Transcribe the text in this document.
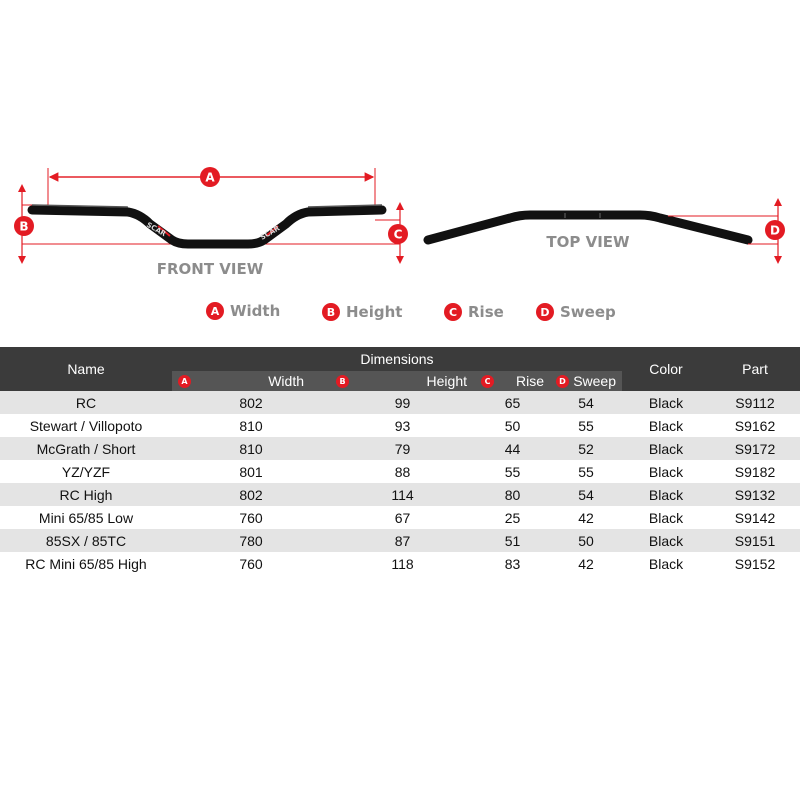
SCAR	SCAR
A
B
C	D
FRONT VIEW
TOP VIEW
A Width	B Height	C Rise	D Sweep
Name	Dimensions				Color	Part

A Width	B Height	C Rise	D Sweep		

RC	802	99	65	54	Black	S9112
Stewart / Villopoto	810	93	50	55	Black	S9162
McGrath / Short	810	79	44	52	Black	S9172
YZ/YZF	801	88	55	55	Black	S9182
RC High	802	114	80	54	Black	S9132
Mini 65/85 Low	760	67	25	42	Black	S9142
85SX / 85TC	780	87	51	50	Black	S9151
RC Mini 65/85 High	760	118	83	42	Black	S9152
